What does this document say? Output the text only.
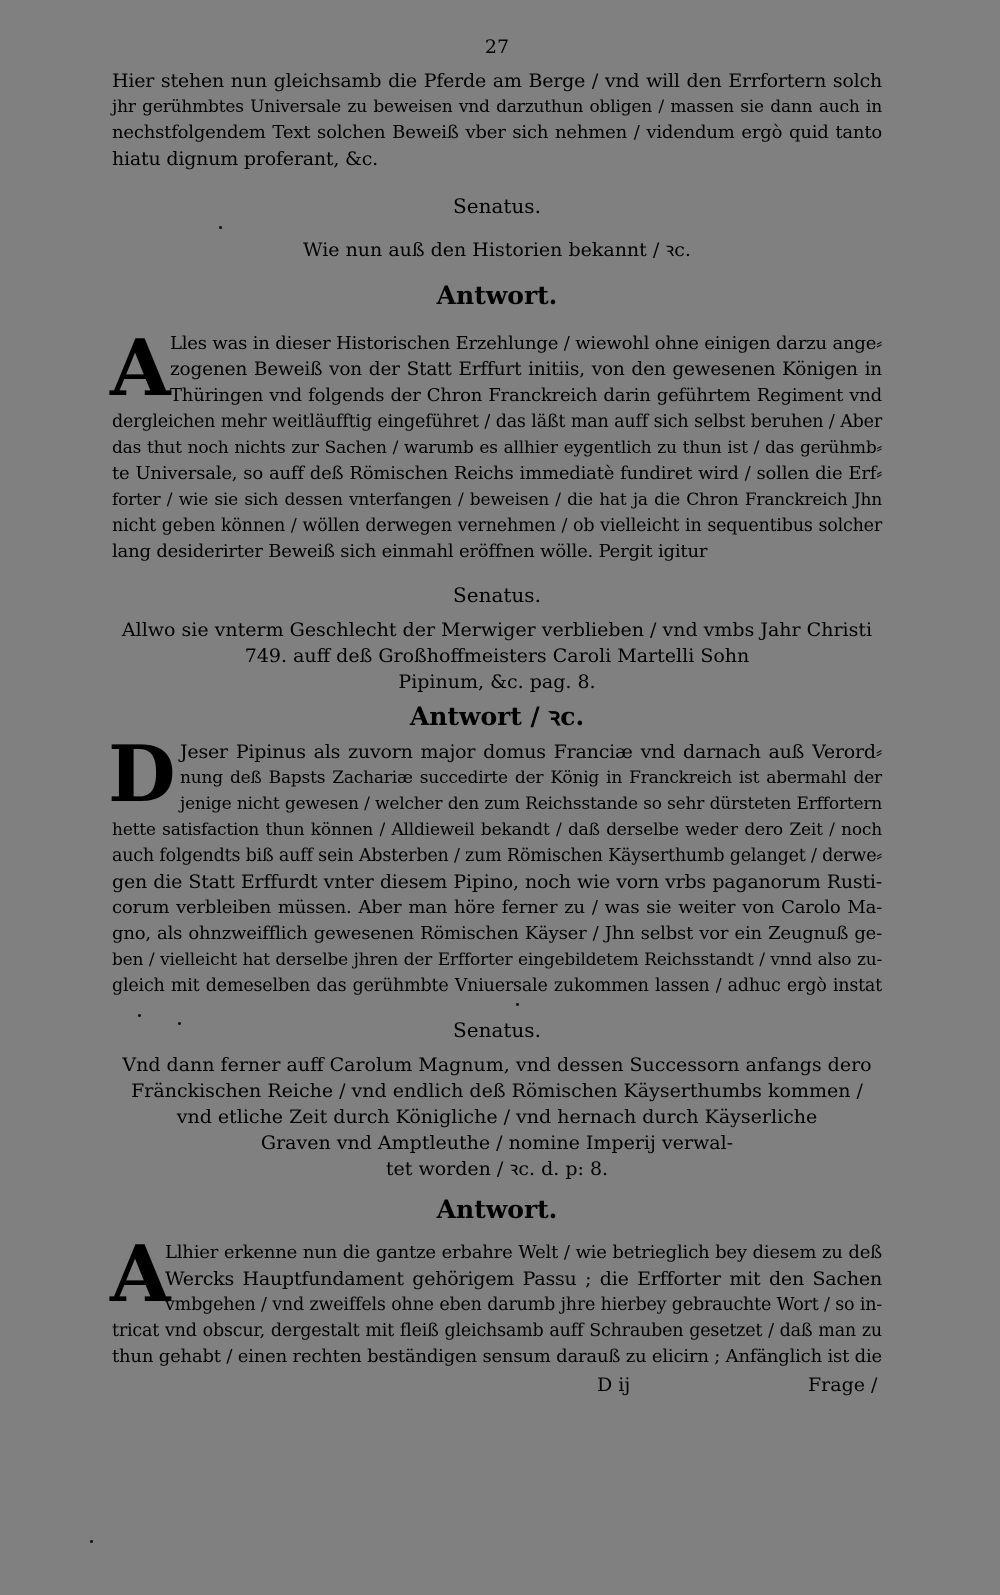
27
Hier stehen nun gleichsamb die Pferde am Berge / vnd will den Errfortern solch
jhr gerühmbtes Universale zu beweisen vnd darzuthun obligen / massen sie dann auch in
nechstfolgendem Text solchen Beweiß vber sich nehmen / videndum ergò quid tanto
hiatu dignum proferant, &c.
Senatus.
Wie nun auß den Historien bekannt / ꝛc.
Antwort.
A Lles was in dieser Historischen Erzehlunge / wiewohl ohne einigen darzu ange⸗
zogenen Beweiß von der Statt Erffurt initiis, von den gewesenen Königen in
Thüringen vnd folgends der Chron Franckreich darin geführtem Regiment vnd
dergleichen mehr weitläufftig eingeführet / das läßt man auff sich selbst beruhen / Aber
das thut noch nichts zur Sachen / warumb es allhier eygentlich zu thun ist / das gerühmb⸗
te Universale, so auff deß Römischen Reichs immediatè fundiret wird / sollen die Erf⸗
forter / wie sie sich dessen vnterfangen / beweisen / die hat ja die Chron Franckreich Jhn
nicht geben können / wöllen derwegen vernehmen / ob vielleicht in sequentibus solcher
lang desiderirter Beweiß sich einmahl eröffnen wölle. Pergit igitur
Senatus.
Allwo sie vnterm Geschlecht der Merwiger verblieben / vnd vmbs Jahr Christi
749. auff deß Großhoffmeisters Caroli Martelli Sohn
Pipinum, &c. pag. 8.
Antwort / ꝛc.
D Jeser Pipinus als zuvorn major domus Franciæ vnd darnach auß Verord⸗
nung deß Bapsts Zachariæ succedirte der König in Franckreich ist abermahl der
jenige nicht gewesen / welcher den zum Reichsstande so sehr dürsteten Erffortern
hette satisfaction thun können / Alldieweil bekandt / daß derselbe weder dero Zeit / noch
auch folgendts biß auff sein Absterben / zum Römischen Käyserthumb gelanget / derwe⸗
gen die Statt Erffurdt vnter diesem Pipino, noch wie vorn vrbs paganorum Rusti-
corum verbleiben müssen. Aber man höre ferner zu / was sie weiter von Carolo Ma-
gno, als ohnzweifflich gewesenen Römischen Käyser / Jhn selbst vor ein Zeugnuß ge-
ben / vielleicht hat derselbe jhren der Erfforter eingebildetem Reichsstandt / vnnd also zu-
gleich mit demeselben das gerühmbte Vniuersale zukommen lassen / adhuc ergò instat
Senatus.
Vnd dann ferner auff Carolum Magnum, vnd dessen Successorn anfangs dero
Fränckischen Reiche / vnd endlich deß Römischen Käyserthumbs kommen /
vnd etliche Zeit durch Königliche / vnd hernach durch Käyserliche
Graven vnd Amptleuthe / nomine Imperij verwal-
tet worden / ꝛc. d. p: 8.
Antwort.
A
Llhier erkenne nun die gantze erbahre Welt / wie betrieglich bey diesem zu deß
Wercks Hauptfundament gehörigem Passu ; die Erfforter mit den Sachen
vmbgehen / vnd zweiffels ohne eben darumb jhre hierbey gebrauchte Wort / so in-
tricat vnd obscur, dergestalt mit fleiß gleichsamb auff Schrauben gesetzet / daß man zu
thun gehabt / einen rechten beständigen sensum darauß zu elicirn ; Anfänglich ist die
D ij	Frage /
